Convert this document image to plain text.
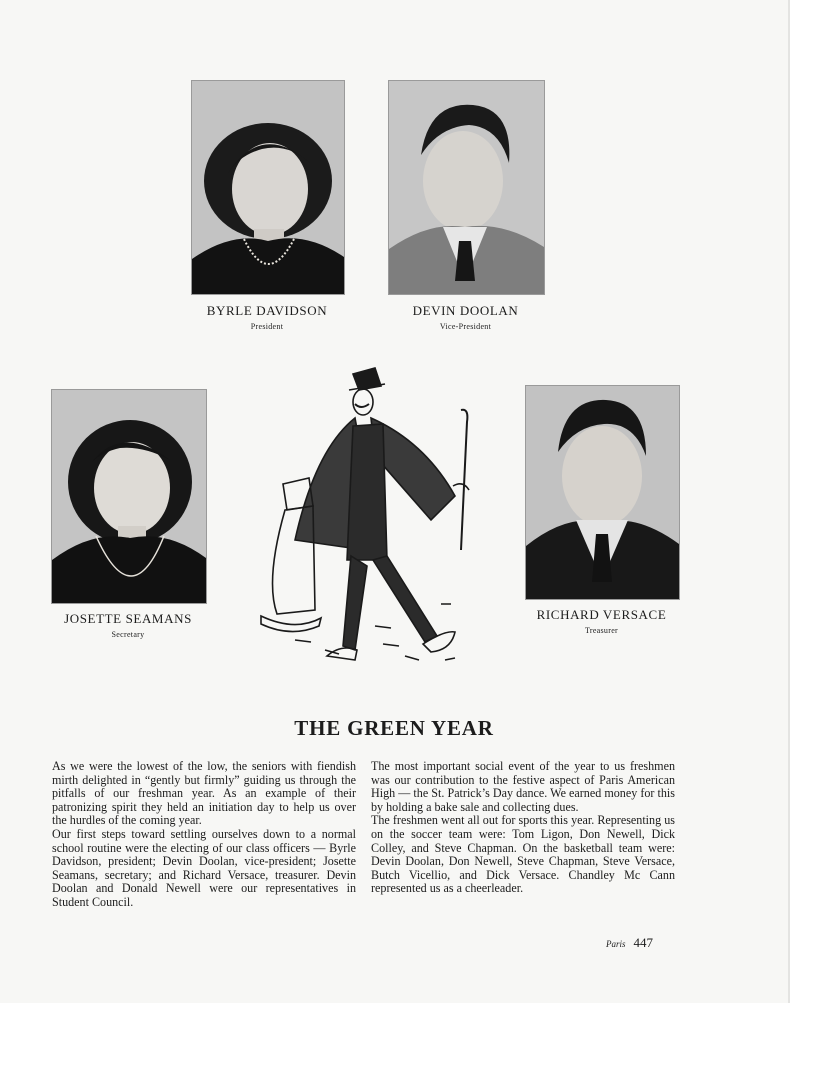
BYRLE DAVIDSON
President
DEVIN DOOLAN
Vice-President
JOSETTE SEAMANS
Secretary
RICHARD VERSACE
Treasurer
THE GREEN YEAR

As we were the lowest of the low, the seniors with fiendish mirth delighted in “gently but firmly” guiding us through the pitfalls of our freshman year. As an example of their patronizing spirit they held an initiation day to help us over the hurdles of the coming year.

Our first steps toward settling ourselves down to a normal school routine were the electing of our class officers — Byrle Davidson, president; Devin Doolan, vice-president; Josette Seamans, secretary; and Richard Versace, treasurer. Devin Doolan and Donald Newell were our representatives in Student Council.

The most important social event of the year to us freshmen was our contribution to the festive aspect of Paris American High — the St. Patrick’s Day dance. We earned money for this by holding a bake sale and collecting dues.

The freshmen went all out for sports this year. Representing us on the soccer team were: Tom Ligon, Don Newell, Dick Colley, and Steve Chapman. On the basketball team were: Devin Doolan, Don Newell, Steve Chapman, Steve Versace, Butch Vicellio, and Dick Versace. Chandley Mc Cann represented us as a cheerleader.

Paris 447
